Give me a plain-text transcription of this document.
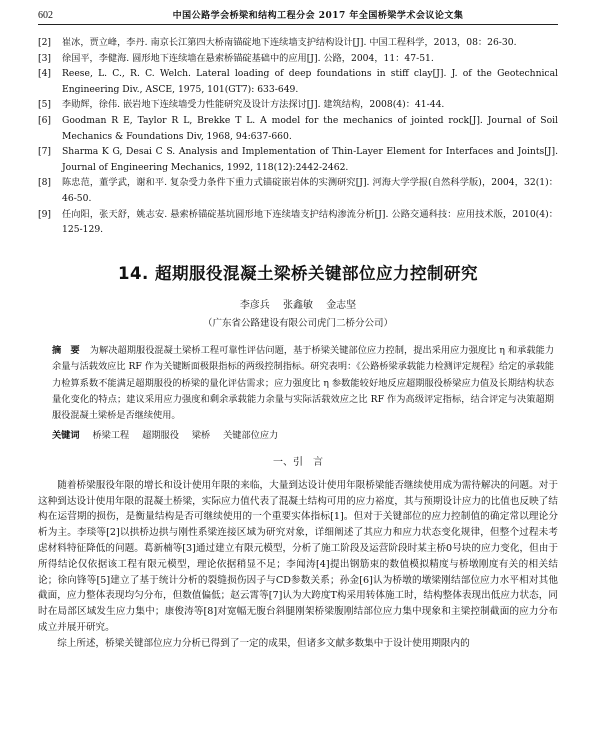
602	中国公路学会桥梁和结构工程分会 2017 年全国桥梁学术会议论文集
[2]	崔冰，贾立峰，李丹. 南京长江第四大桥南锚碇地下连续墙支护结构设计[J]. 中国工程科学，2013，08：26-30.
[3]	徐国平，李健海. 圆形地下连续墙在悬索桥锚碇基础中的应用[J]. 公路，2004，11：47-51.
[4]	Reese, L. C., R. C. Welch. Lateral loading of deep foundations in stiff clay[J]. J. of the Geotechnical Engineering Div., ASCE, 1975, 101(GT7): 633-649.
[5]	李勋辉，徐伟. 嵌岩地下连续墙受力性能研究及设计方法探讨[J]. 建筑结构，2008(4)：41-44.
[6]	Goodman R E, Taylor R L, Brekke T L. A model for the mechanics of jointed rock[J]. Journal of Soil Mechanics & Foundations Div, 1968, 94:637-660.
[7]	Sharma K G, Desai C S. Analysis and Implementation of Thin-Layer Element for Interfaces and Joints[J]. Journal of Engineering Mechanics, 1992, 118(12):2442-2462.
[8]	陈忠范，董学武，谢和平. 复杂受力条件下重力式锚碇嵌岩体的实测研究[J]. 河海大学学报(自然科学版)，2004，32(1)：46-50.
[9]	任向阳，张天舒，姚志安. 悬索桥锚碇基坑圆形地下连续墙支护结构渗流分析[J]. 公路交通科技：应用技术版，2010(4)：125-129.
14. 超期服役混凝土梁桥关键部位应力控制研究
李彦兵 张鑫敏 金志坚
（广东省公路建设有限公司虎门二桥分公司）
摘　要 为解决超期服役混凝土梁桥工程可靠性评估问题，基于桥梁关键部位应力控制，提出采用应力强度比 η 和承载能力余量与活载效应比 RF 作为关键断面极限指标的两级控制指标。研究表明：《公路桥梁承载能力检测评定规程》给定的承载能力检算系数不能满足超期服役的桥梁的量化评估需求；应力强度比 η 参数能较好地反应超期服役桥梁应力值及长期结构状态量化变化的特点；建议采用应力强度和剩余承载能力余量与实际活载效应之比 RF 作为高级评定指标，结合评定与决策超期服役混凝土梁桥是否继续使用。
关键词 桥梁工程 超期服役 梁桥 关键部位应力
一、引　言

随着桥梁服役年限的增长和设计使用年限的来临，大量到达设计使用年限桥梁能否继续使用成为需待解决的问题。对于这种到达设计使用年限的混凝土桥梁，实际应力值代表了混凝土结构可用的应力裕度，其与预期设计应力的比值也反映了结构在运营期的损伤，是衡量结构是否可继续使用的一个重要实体指标[1]。但对于关键部位的应力控制值的确定常以理论分析为主。李琰等[2]以拱桥边拱与刚性系梁连接区域为研究对象，详细阐述了其应力和应力状态变化规律，但整个过程未考虑材料特征降低的问题。葛新楠等[3]通过建立有限元模型，分析了施工阶段及运营阶段时某主桥0号块的应力变化，但由于所得结论仅依据该工程有限元模型，理论依据稍显不足；李闻涛[4]提出钢筋束的数值模拟精度与桥墩刚度有关的相关结论；徐向锋等[5]建立了基于统计分析的裂缝损伤因子与CD参数关系；孙金[6]认为桥墩的墩梁刚结部位应力水平相对其他截面，应力整体表现均匀分布，但数值偏低；赵云霄等[7]认为大跨度T构采用转体施工时，结构整体表现出低应力状态，同时在局部区域发生应力集中；康俊涛等[8]对宽幅无腹台斜腿刚架桥梁腹刚结部位应力集中现象和主梁控制截面的应力分布成立并展开研究。

综上所述，桥梁关键部位应力分析已得到了一定的成果，但诸多文献多数集中于设计使用期限内的
